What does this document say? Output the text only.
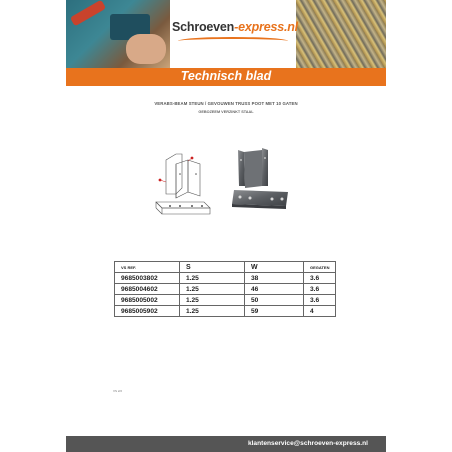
Schroeven-express.nl
Technisch blad
VERABS-BEAM STEUN / GEVOUWEN TRUSS POOT MET 10 GATEN
GEBOZEEM VERZINKT STAAL
VS REF.	S	W	GEGATEN
9685003802	1.25	38	3.6
9685004602	1.25	46	3.6
9685005002	1.25	50	3.6
9685005902	1.25	59	4
VS 2/2
klantenservice@schroeven-express.nl
